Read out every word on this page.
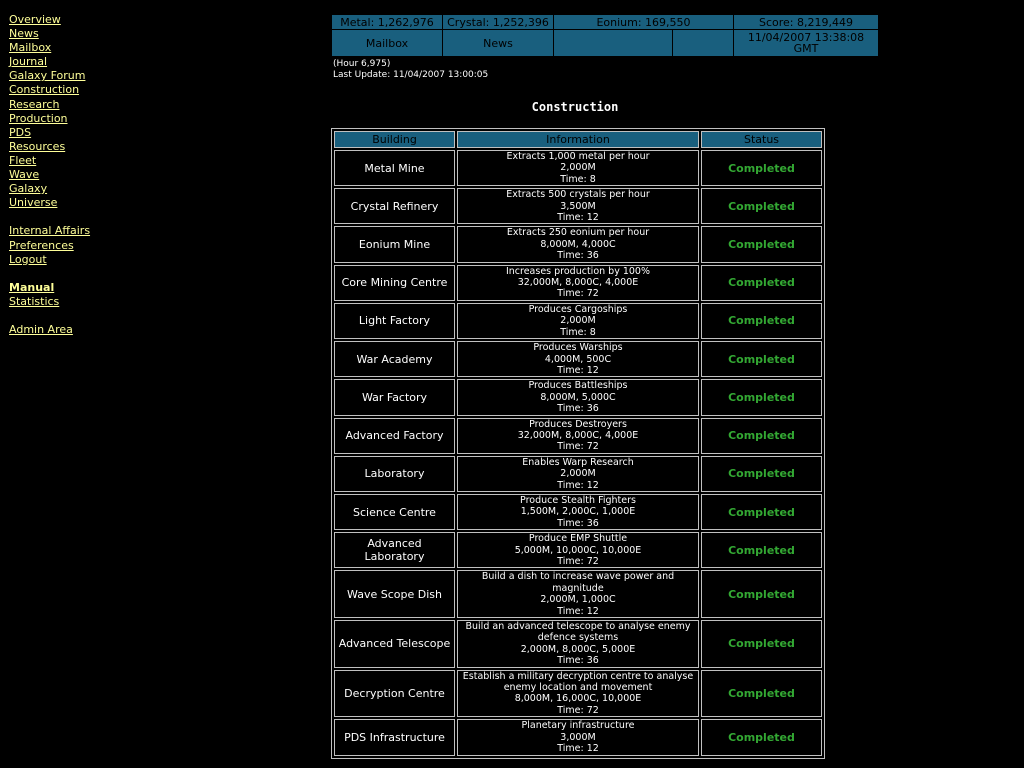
Overview
News
Mailbox
Journal
Galaxy Forum
Construction
Research
Production
PDS
Resources
Fleet
Wave
Galaxy
Universe
Internal Affairs
Preferences
Logout
Manual
Statistics
Admin Area
Metal: 1,262,976	Crystal: 1,252,396	Eonium: 169,550		Score: 8,219,449
Mailbox	News			11/04/2007 13:38:08
GMT
(Hour 6,975)
Last Update: 11/04/2007 13:00:05
Construction
Building	Information	Status
Metal Mine	Extracts 1,000 metal per hour
2,000M
Time: 8	Completed
Crystal Refinery	Extracts 500 crystals per hour
3,500M
Time: 12	Completed
Eonium Mine	Extracts 250 eonium per hour
8,000M, 4,000C
Time: 36	Completed
Core Mining Centre	Increases production by 100%
32,000M, 8,000C, 4,000E
Time: 72	Completed
Light Factory	Produces Cargoships
2,000M
Time: 8	Completed
War Academy	Produces Warships
4,000M, 500C
Time: 12	Completed
War Factory	Produces Battleships
8,000M, 5,000C
Time: 36	Completed
Advanced Factory	Produces Destroyers
32,000M, 8,000C, 4,000E
Time: 72	Completed
Laboratory	Enables Warp Research
2,000M
Time: 12	Completed
Science Centre	Produce Stealth Fighters
1,500M, 2,000C, 1,000E
Time: 36	Completed
Advanced Laboratory	Produce EMP Shuttle
5,000M, 10,000C, 10,000E
Time: 72	Completed
Wave Scope Dish	Build a dish to increase wave power and magnitude
2,000M, 1,000C
Time: 12	Completed
Advanced Telescope	Build an advanced telescope to analyse enemy defence systems
2,000M, 8,000C, 5,000E
Time: 36	Completed
Decryption Centre	Establish a military decryption centre to analyse enemy location and movement
8,000M, 16,000C, 10,000E
Time: 72	Completed
PDS Infrastructure	Planetary infrastructure
3,000M
Time: 12	Completed
